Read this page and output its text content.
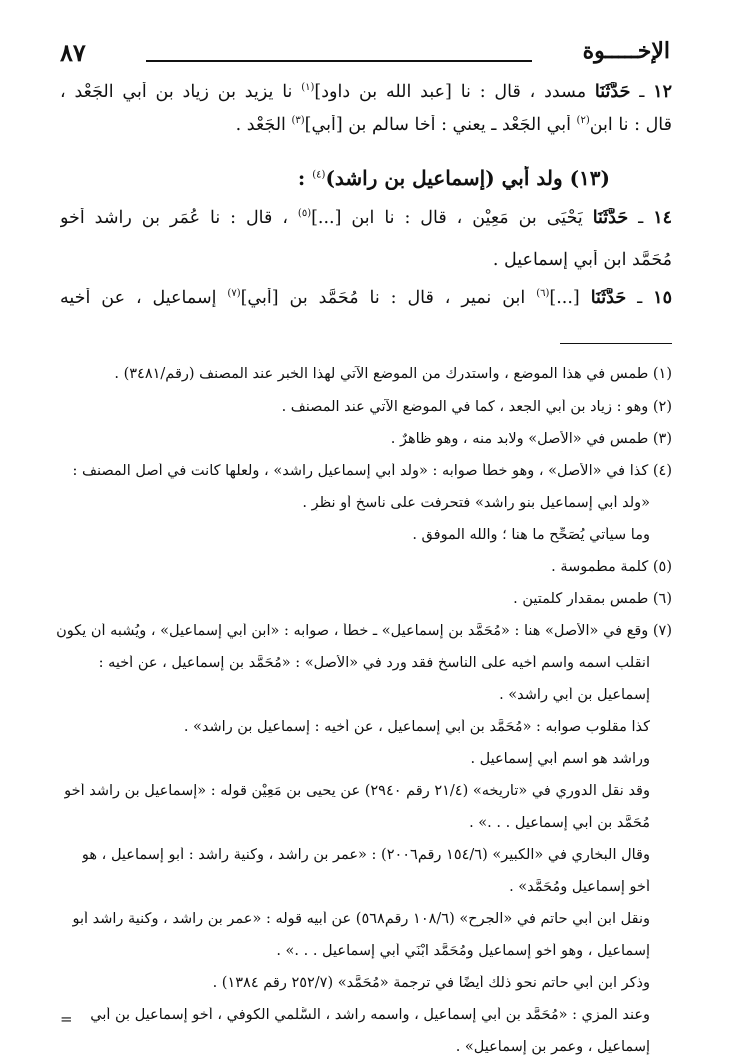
الإخـــــوة
٨٧
١٢ ـ حَدَّثَنَا مسدد ، قال : نا [عبد الله بن داود]$^{(١)}$ نا يزيد بن زياد بن أبي الجَعْد ،
قال : نا ابن$^{(٢)}$ أبي الجَعْد ـ يعني : أخا سالم بن [أبي]$^{(٣)}$ الجَعْد .
(١٣) ولد أبي (إسماعيل بن راشد)$^{(٤)}$ :
١٤ ـ حَدَّثَنَا يَحْيَى بن مَعِيْن ، قال : نا ابن [...]$^{(٥)}$ ، قال : نا عُمَر بن راشد أخو
مُحَمَّد ابن أبي إسماعيل .
١٥ ـ حَدَّثَنَا [...]$^{(٦)}$ ابن نمير ، قال : نا مُحَمَّد بن [أبي]$^{(٧)}$ إسماعيل ، عن أخيه
(١) طمس في هذا الموضع ، واستدرك من الموضع الآتي لهذا الخبر عند المصنف (رقم/٣٤٨١) .
(٢) وهو : زياد بن أبي الجعد ، كما في الموضع الآتي عند المصنف .
(٣) طمس في «الأصل» ولابد منه ، وهو ظاهرٌ .
(٤) كذا في «الأصل» ، وهو خطأ صوابه : «ولد أبي إسماعيل راشد» ، ولعلها كانت في أصل المصنف :
«ولد أبي إسماعيل بنو راشد» فتحرفت على ناسخ أو نظرٍ .
وما سيأتي يُصَحِّح ما هنا ؛ والله الموفق .
(٥) كلمة مطموسة .
(٦) طمس بمقدار كلمتين .
(٧) وقع في «الأصل» هنا : «مُحَمَّد بن إسماعيل» ـ خطأ ، صوابه : «ابن أبي إسماعيل» ، ويُشبه أن يكون
انقلب اسمه واسم أخيه على الناسخ فقد ورد في «الأصل» : «مُحَمَّد بن إسماعيل ، عن أخيه :
إسماعيل بن أبي راشد» .
كذا مقلوب صوابه : «مُحَمَّد بن أبي إسماعيل ، عن أخيه : إسماعيل بن راشد» .
وراشد هو اسم أبي إسماعيل .
وقد نقل الدوري في «تاريخه» (٢١/٤ رقم ٢٩٤٠) عن يحيى بن مَعِيْن قوله : «إسماعيل بن راشد أخو
مُحَمَّد بن أبي إسماعيل . . .» .
وقال البخاري في «الكبير» (١٥٤/٦ رقم٢٠٠٦) : «عمر بن راشد ، وكنية راشد : أبو إسماعيل ، هو
أخو إسماعيل ومُحَمَّد» .
ونقل ابن أبي حاتم في «الجرح» (١٠٨/٦ رقم٥٦٨) عن أبيه قوله : «عمر بن راشد ، وكنية راشد أبو
إسماعيل ، وهو أخو إسماعيل ومُحَمَّد ابْنَي أبي إسماعيل . . .» .
وذكر ابن أبي حاتم نحو ذلك أيضًا في ترجمة «مُحَمَّد» (٢٥٢/٧ رقم ١٣٨٤) .
وعند المزي : «مُحَمَّد بن أبي إسماعيل ، واسمه راشد ، السُّلمي الكوفي ، أخو إسماعيل بن أبي
إسماعيل ، وعمر بن إسماعيل» .
=
